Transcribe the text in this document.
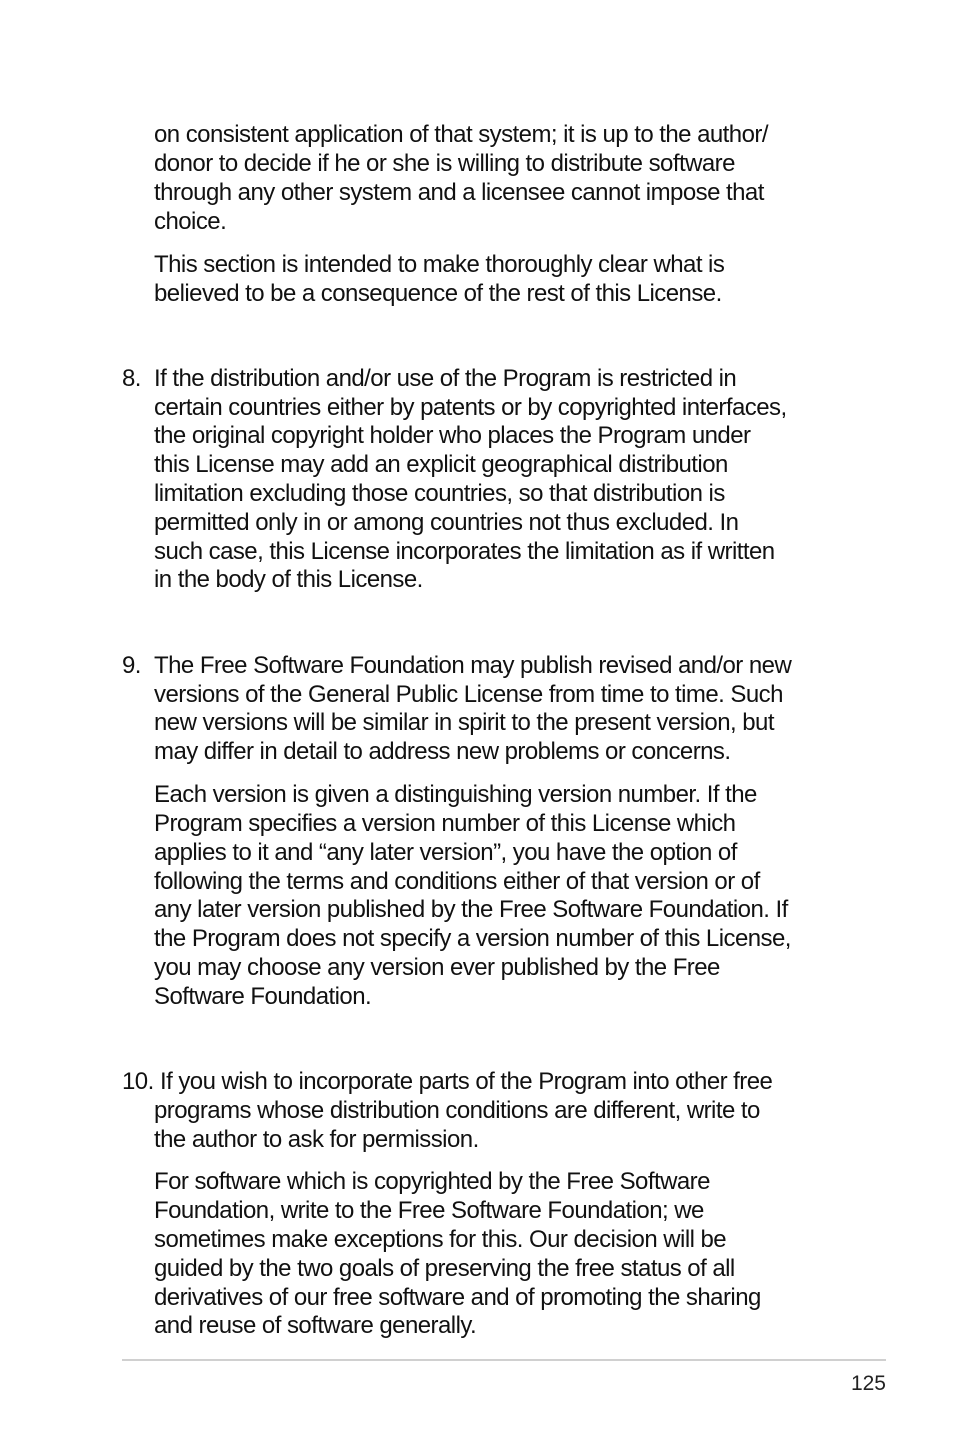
on consistent application of that system; it is up to the author/
donor to decide if he or she is willing to distribute software
through any other system and a licensee cannot impose that
choice.
This section is intended to make thoroughly clear what is
believed to be a consequence of the rest of this License.
8. If the distribution and/or use of the Program is restricted in
certain countries either by patents or by copyrighted interfaces,
the original copyright holder who places the Program under
this License may add an explicit geographical distribution
limitation excluding those countries, so that distribution is
permitted only in or among countries not thus excluded. In
such case, this License incorporates the limitation as if written
in the body of this License.
9. The Free Software Foundation may publish revised and/or new
versions of the General Public License from time to time. Such
new versions will be similar in spirit to the present version, but
may differ in detail to address new problems or concerns.
Each version is given a distinguishing version number. If the
Program specifies a version number of this License which
applies to it and “any later version”, you have the option of
following the terms and conditions either of that version or of
any later version published by the Free Software Foundation. If
the Program does not specify a version number of this License,
you may choose any version ever published by the Free
Software Foundation.
10. If you wish to incorporate parts of the Program into other free
programs whose distribution conditions are different, write to
the author to ask for permission.
For software which is copyrighted by the Free Software
Foundation, write to the Free Software Foundation; we
sometimes make exceptions for this. Our decision will be
guided by the two goals of preserving the free status of all
derivatives of our free software and of promoting the sharing
and reuse of software generally.
125
